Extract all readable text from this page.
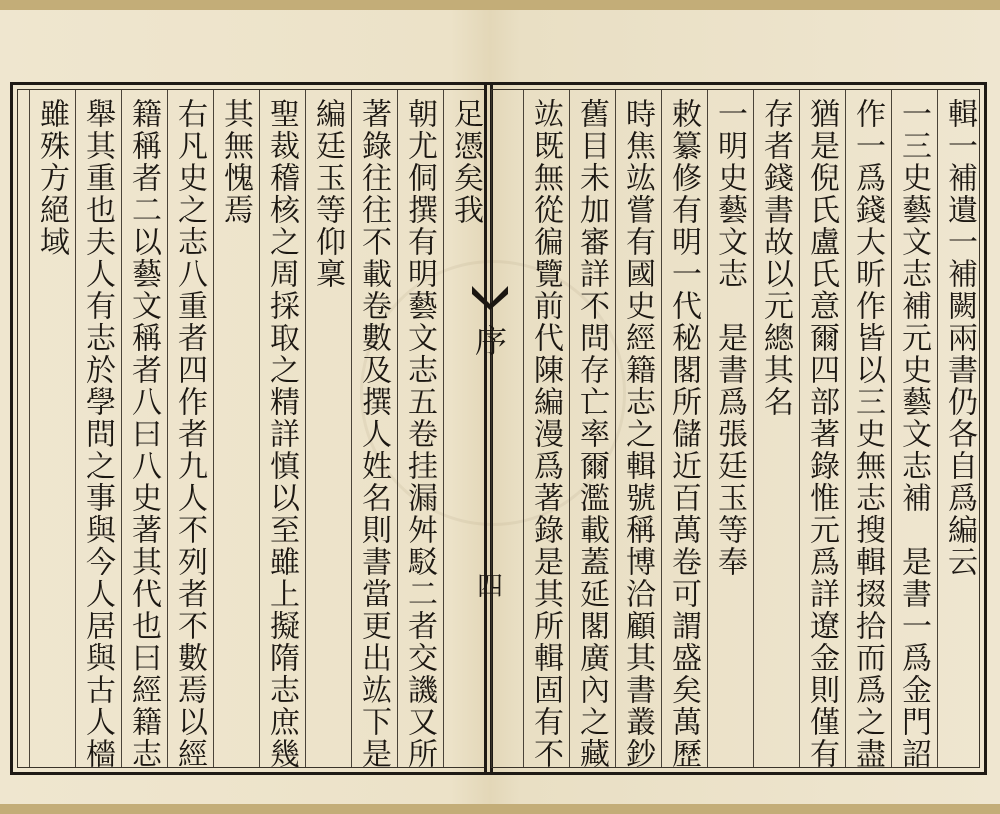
足憑矣我
朝尤侗撰有明藝文志五卷挂漏舛駁二者交譏又所
著錄往往不載卷數及撰人姓名則書當更出竑下是
編廷玉等仰稟
聖裁稽核之周採取之精詳慎以至雖上擬隋志庶幾
其無愧焉
右凡史之志八重者四作者九人不列者不數焉以經
籍稱者二以藝文稱者八曰八史著其代也曰經籍志
舉其重也夫人有志於學問之事與今人居與古人檣
雖殊方絕域	輯一補遺一補闕兩書仍各自爲編云
一三史藝文志補元史藝文志補　是書一爲金門詔
作一爲錢大昕作皆以三史無志搜輯掇拾而爲之盡
猶是倪氏盧氏意爾四部著錄惟元爲詳遼金則僅有
存者錢書故以元總其名
一明史藝文志　是書爲張廷玉等奉
敕纂修有明一代秘閣所儲近百萬卷可謂盛矣萬歷
時焦竑嘗有國史經籍志之輯號稱博洽顧其書叢鈔
舊目未加審詳不問存亡率爾濫載蓋延閣廣內之藏
竑既無從徧覽前代陳編漫爲著錄是其所輯固有不
序
四
